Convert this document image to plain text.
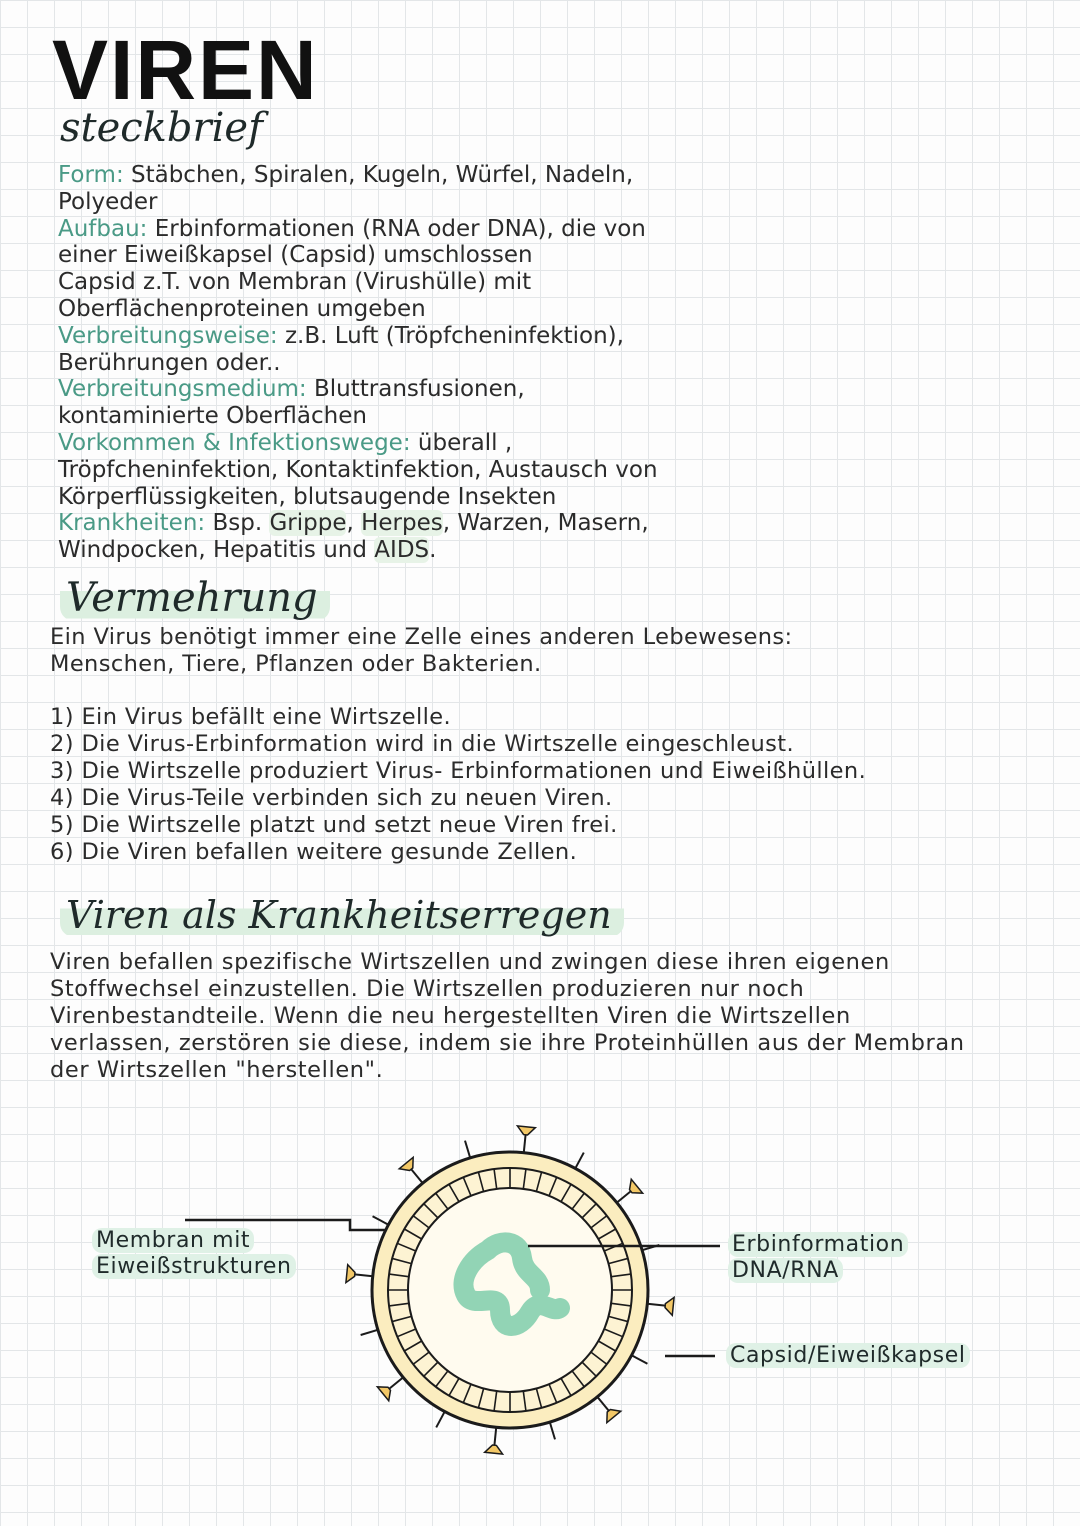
VIREN
steckbrief

Form: Stäbchen, Spiralen, Kugeln, Würfel, Nadeln,
Polyeder

Aufbau: Erbinformationen (RNA oder DNA), die von
einer Eiweißkapsel (Capsid) umschlossen
Capsid z.T. von Membran (Virushülle) mit
Oberflächenproteinen umgeben

Verbreitungsweise: z.B. Luft (Tröpfcheninfektion),
Berührungen oder..

Verbreitungsmedium: Bluttransfusionen,
kontaminierte Oberflächen

Vorkommen & Infektionswege: überall ,
Tröpfcheninfektion, Kontaktinfektion, Austausch von
Körperflüssigkeiten, blutsaugende Insekten

Krankheiten: Bsp. Grippe, Herpes, Warzen, Masern,
Windpocken, Hepatitis und AIDS.

Vermehrung
Ein Virus benötigt immer eine Zelle eines anderen Lebewesens:
Menschen, Tiere, Pflanzen oder Bakterien.
1) Ein Virus befällt eine Wirtszelle.
2) Die Virus-Erbinformation wird in die Wirtszelle eingeschleust.
3) Die Wirtszelle produziert Virus- Erbinformationen und Eiweißhüllen.
4) Die Virus-Teile verbinden sich zu neuen Viren.
5) Die Wirtszelle platzt und setzt neue Viren frei.
6) Die Viren befallen weitere gesunde Zellen.
Viren als Krankheitserregen
Viren befallen spezifische Wirtszellen und zwingen diese ihren eigenen
Stoffwechsel einzustellen. Die Wirtszellen produzieren nur noch
Virenbestandteile. Wenn die neu hergestellten Viren die Wirtszellen
verlassen, zerstören sie diese, indem sie ihre Proteinhüllen aus der Membran
der Wirtszellen "herstellen".
Membran mit
Eiweißstrukturen
Erbinformation
DNA/RNA
Capsid/Eiweißkapsel
